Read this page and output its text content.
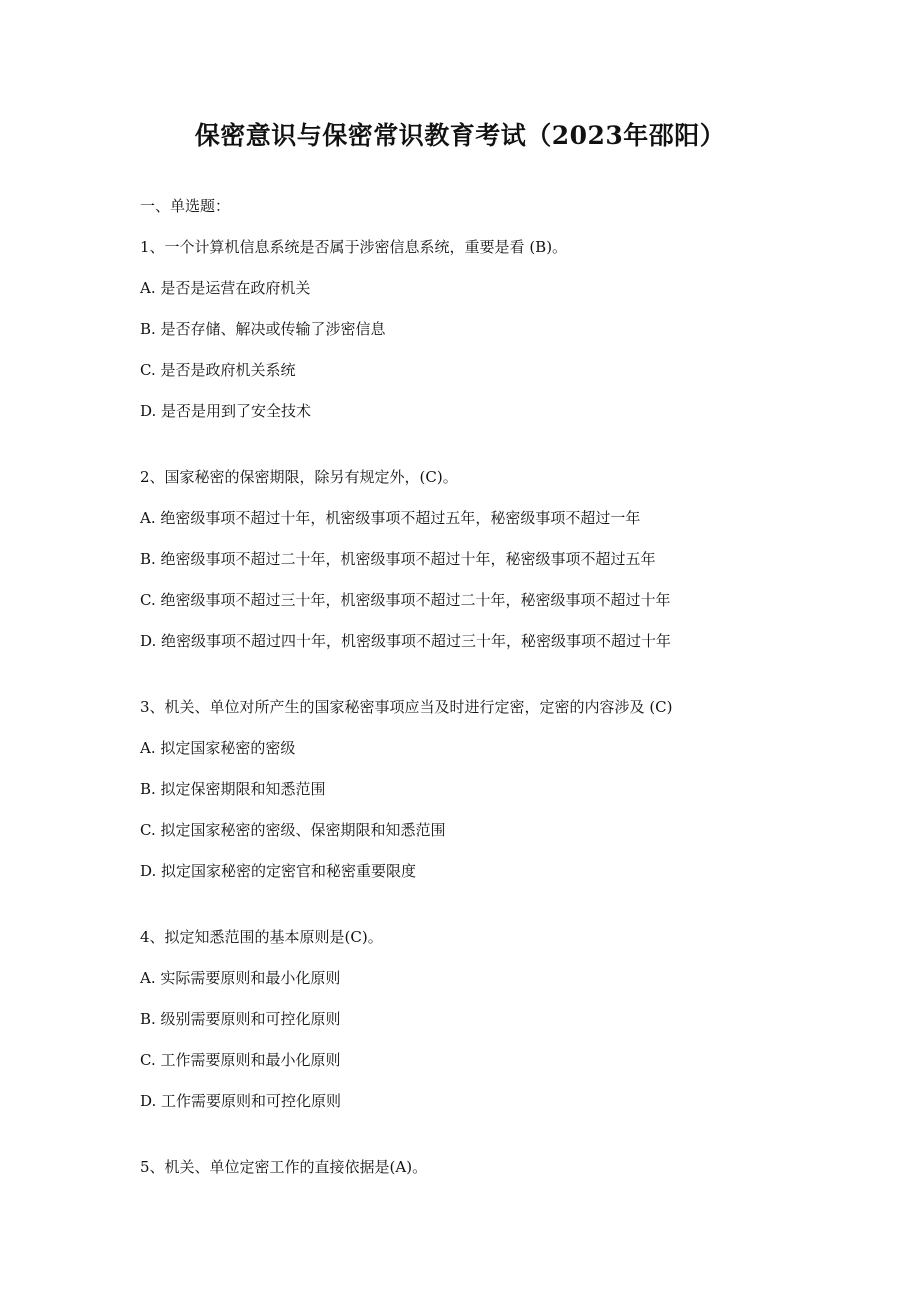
保密意识与保密常识教育考试（2023年邵阳）
一、单选题：
1、一个计算机信息系统是否属于涉密信息系统，重要是看 (B)。
A. 是否是运营在政府机关
B. 是否存储、解决或传输了涉密信息
C. 是否是政府机关系统
D. 是否是用到了安全技术
2、国家秘密的保密期限，除另有规定外，(C)。
A. 绝密级事项不超过十年，机密级事项不超过五年，秘密级事项不超过一年
B. 绝密级事项不超过二十年，机密级事项不超过十年，秘密级事项不超过五年
C. 绝密级事项不超过三十年，机密级事项不超过二十年，秘密级事项不超过十年
D. 绝密级事项不超过四十年，机密级事项不超过三十年，秘密级事项不超过十年
3、机关、单位对所产生的国家秘密事项应当及时进行定密，定密的内容涉及 (C)
A. 拟定国家秘密的密级
B. 拟定保密期限和知悉范围
C. 拟定国家秘密的密级、保密期限和知悉范围
D. 拟定国家秘密的定密官和秘密重要限度
4、拟定知悉范围的基本原则是(C)。
A. 实际需要原则和最小化原则
B. 级别需要原则和可控化原则
C. 工作需要原则和最小化原则
D. 工作需要原则和可控化原则
5、机关、单位定密工作的直接依据是(A)。
